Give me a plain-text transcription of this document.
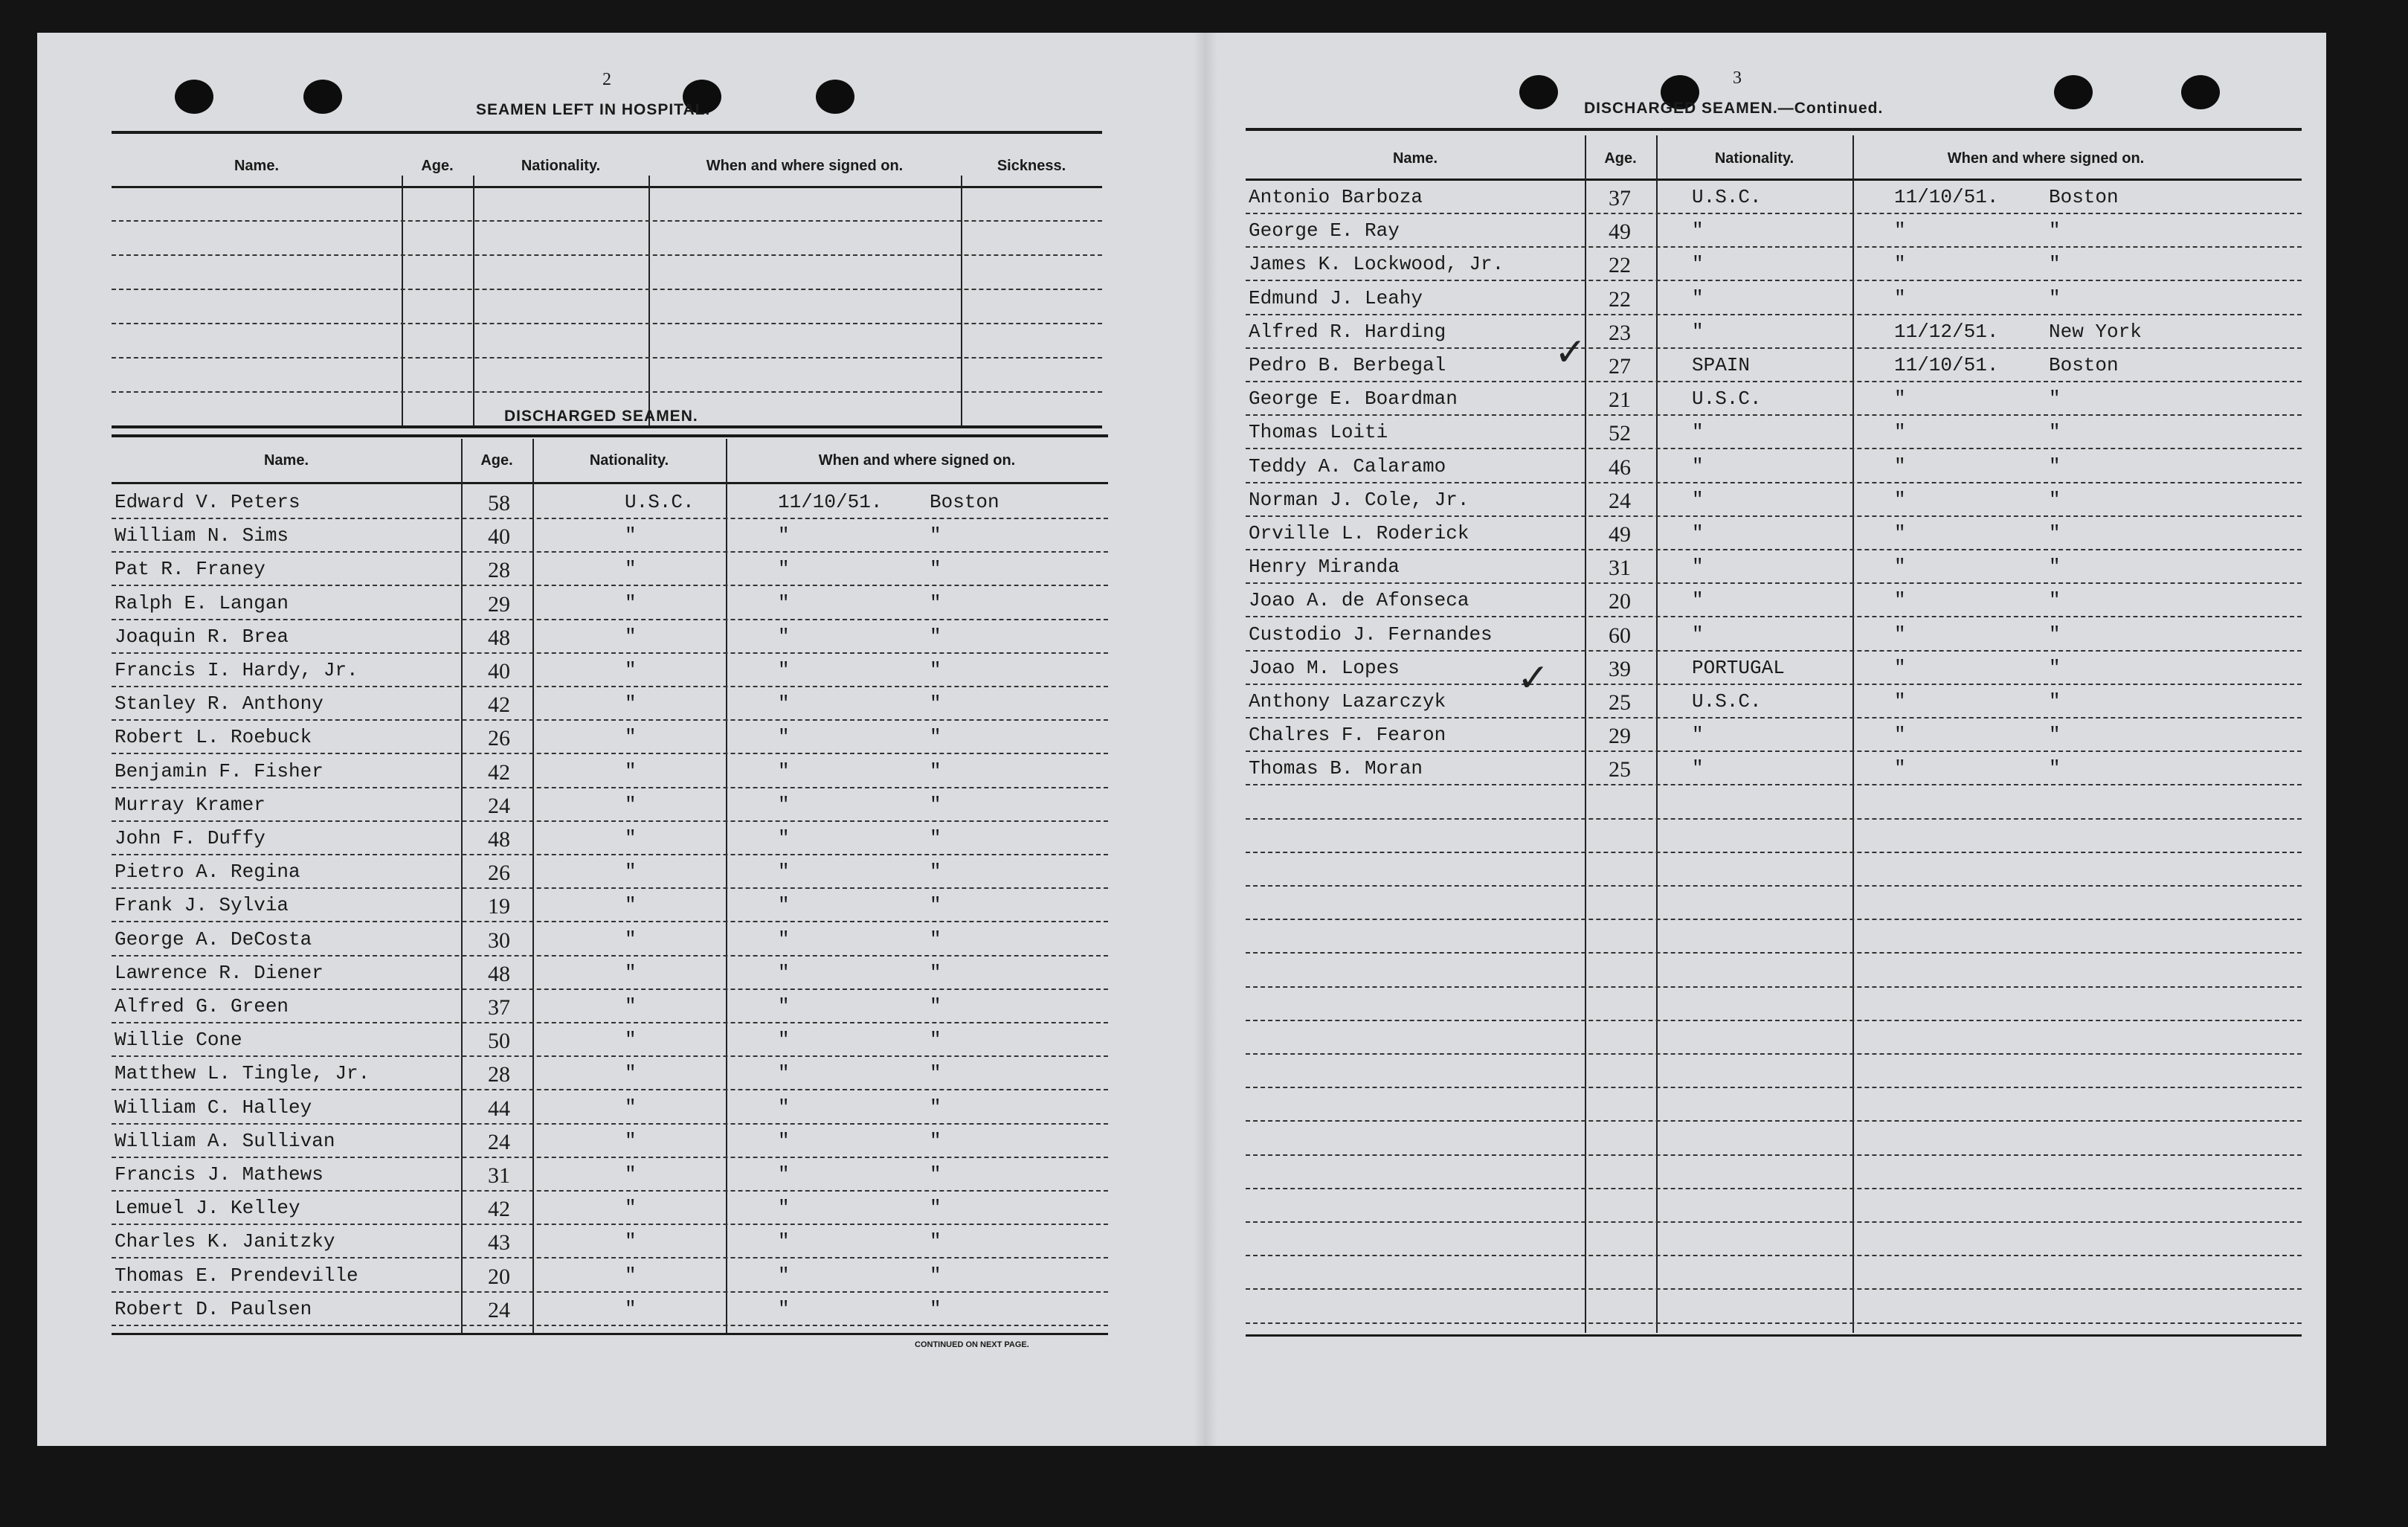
2
SEAMEN LEFT IN HOSPITAL.
Name.	Age.	Nationality.	When and where signed on.	Sickness.
DISCHARGED SEAMEN.
Name.	Age.	Nationality.	When and where signed on.
Edward V. Peters	58	U.S.C.	11/10/51. Boston
William N. Sims	40	"	"	"
Pat R. Franey	28	"	"	"
Ralph E. Langan	29	"	"	"
Joaquin R. Brea	48	"	"	"
Francis I. Hardy, Jr.	40	"	"	"
Stanley R. Anthony	42	"	"	"
Robert L. Roebuck	26	"	"	"
Benjamin F. Fisher	42	"	"	"
Murray Kramer	24	"	"	"
John F. Duffy	48	"	"	"
Pietro A. Regina	26	"	"	"
Frank J. Sylvia	19	"	"	"
George A. DeCosta	30	"	"	"
Lawrence R. Diener	48	"	"	"
Alfred G. Green	37	"	"	"
Willie Cone	50	"	"	"
Matthew L. Tingle, Jr.	28	"	"	"
William C. Halley	44	"	"	"
William A. Sullivan	24	"	"	"
Francis J. Mathews	31	"	"	"
Lemuel J. Kelley	42	"	"	"
Charles K. Janitzky	43	"	"	"
Thomas E. Prendeville	20	"	"	"
Robert D. Paulsen	24	"	"	"
CONTINUED ON NEXT PAGE.
3
DISCHARGED SEAMEN.—Continued.
Name.	Age.	Nationality.	When and where signed on.
Antonio Barboza	37	U.S.C.	11/10/51.	Boston
George E. Ray	49	"	"	"
James K. Lockwood, Jr.	22	"	"	"
Edmund J. Leahy	22	"	"	"
Alfred R. Harding	23	"	11/12/51.	New York
Pedro B. Berbegal	27	SPAIN	11/10/51.	Boston
George E. Boardman	21	U.S.C.	"	"
Thomas Loiti	52	"	"	"
Teddy A. Calaramo	46	"	"	"
Norman J. Cole, Jr.	24	"	"	"
Orville L. Roderick	49	"	"	"
Henry Miranda	31	"	"	"
Joao A. de Afonseca	20	"	"	"
Custodio J. Fernandes	60	"	"	"
Joao M. Lopes	39	PORTUGAL	"	"
Anthony Lazarczyk	25	U.S.C.	"	"
Chalres F. Fearon	29	"	"	"
Thomas B. Moran	25	"	"	"
✓
✓
